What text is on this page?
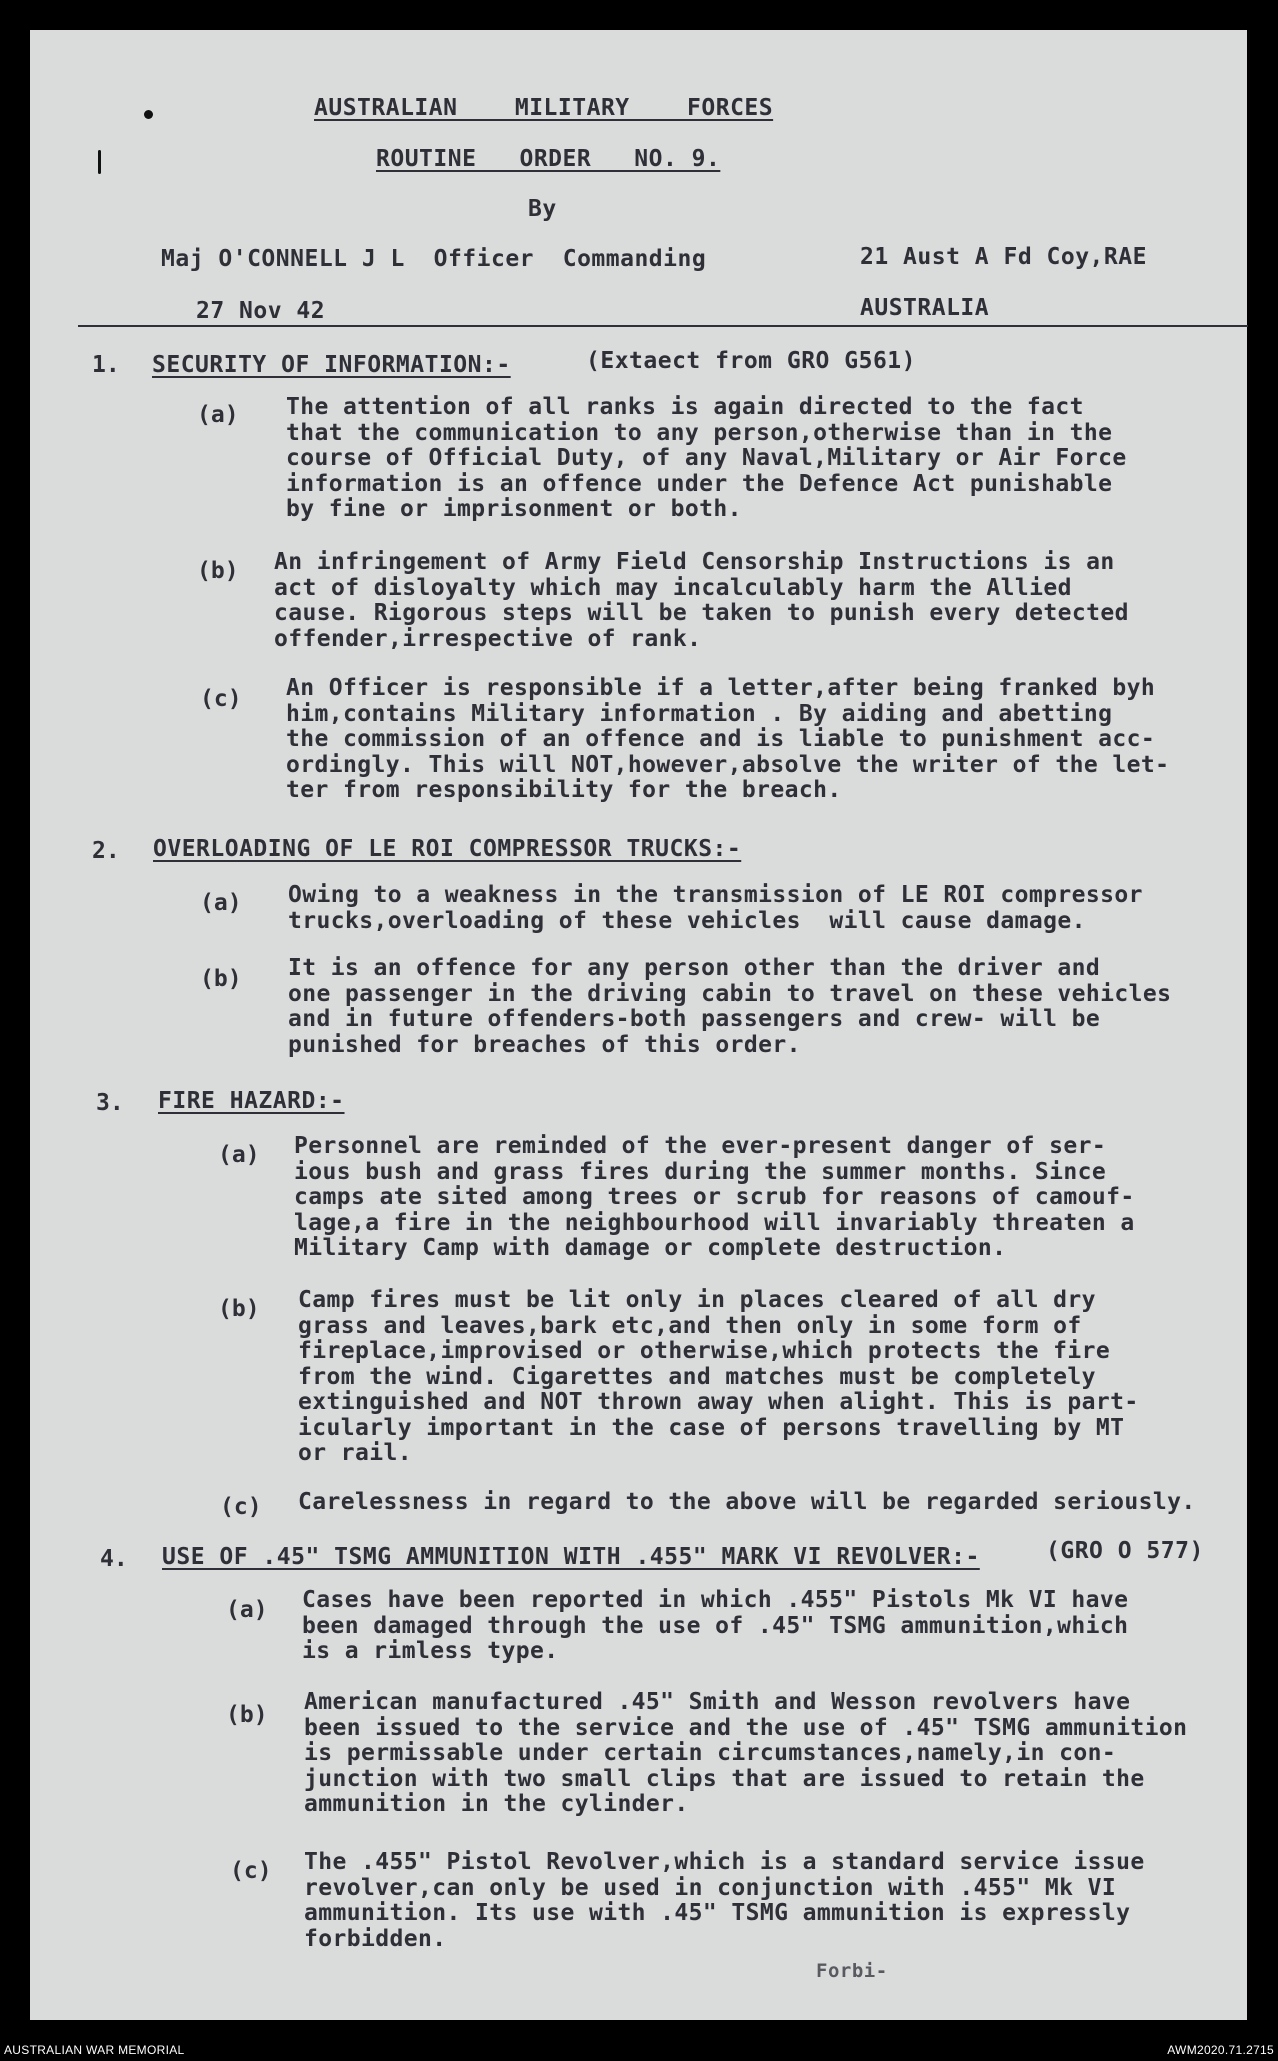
AUSTRALIAN    MILITARY    FORCES
ROUTINE   ORDER   NO. 9.
By
Maj O'CONNELL J L  Officer  Commanding	21 Aust A Fd Coy,RAE
27 Nov 42	AUSTRALIA
1. SECURITY OF INFORMATION:-	(Extaect from GRO G561)
(a) The attention of all ranks is again directed to the fact
that the communication to any person,otherwise than in the
course of Official Duty, of any Naval,Military or Air Force
information is an offence under the Defence Act punishable
by fine or imprisonment or both.
(b) An infringement of Army Field Censorship Instructions is an
act of disloyalty which may incalculably harm the Allied
cause. Rigorous steps will be taken to punish every detected
offender,irrespective of rank.
(c) An Officer is responsible if a letter,after being franked byh
him,contains Military information . By aiding and abetting
the commission of an offence and is liable to punishment acc-
ordingly. This will NOT,however,absolve the writer of the let-
ter from responsibility for the breach.
2. OVERLOADING OF LE ROI COMPRESSOR TRUCKS:-
(a) Owing to a weakness in the transmission of LE ROI compressor
trucks,overloading of these vehicles  will cause damage.
(b) It is an offence for any person other than the driver and
one passenger in the driving cabin to travel on these vehicles
and in future offenders-both passengers and crew- will be
punished for breaches of this order.
3. FIRE HAZARD:-
(a) Personnel are reminded of the ever-present danger of ser-
ious bush and grass fires during the summer months. Since
camps ate sited among trees or scrub for reasons of camouf-
lage,a fire in the neighbourhood will invariably threaten a
Military Camp with damage or complete destruction.
(b) Camp fires must be lit only in places cleared of all dry
grass and leaves,bark etc,and then only in some form of
fireplace,improvised or otherwise,which protects the fire
from the wind. Cigarettes and matches must be completely
extinguished and NOT thrown away when alight. This is part-
icularly important in the case of persons travelling by MT
or rail.
(c) Carelessness in regard to the above will be regarded seriously.
4. USE OF .45" TSMG AMMUNITION WITH .455" MARK VI REVOLVER:-	(GRO O 577)
(a) Cases have been reported in which .455" Pistols Mk VI have
been damaged through the use of .45" TSMG ammunition,which
is a rimless type.
(b) American manufactured .45" Smith and Wesson revolvers have
been issued to the service and the use of .45" TSMG ammunition
is permissable under certain circumstances,namely,in con-
junction with two small clips that are issued to retain the
ammunition in the cylinder.
(c) The .455" Pistol Revolver,which is a standard service issue
revolver,can only be used in conjunction with .455" Mk VI
ammunition. Its use with .45" TSMG ammunition is expressly
forbidden.
Forbi-
AUSTRALIAN WAR MEMORIAL	AWM2020.71.2715
